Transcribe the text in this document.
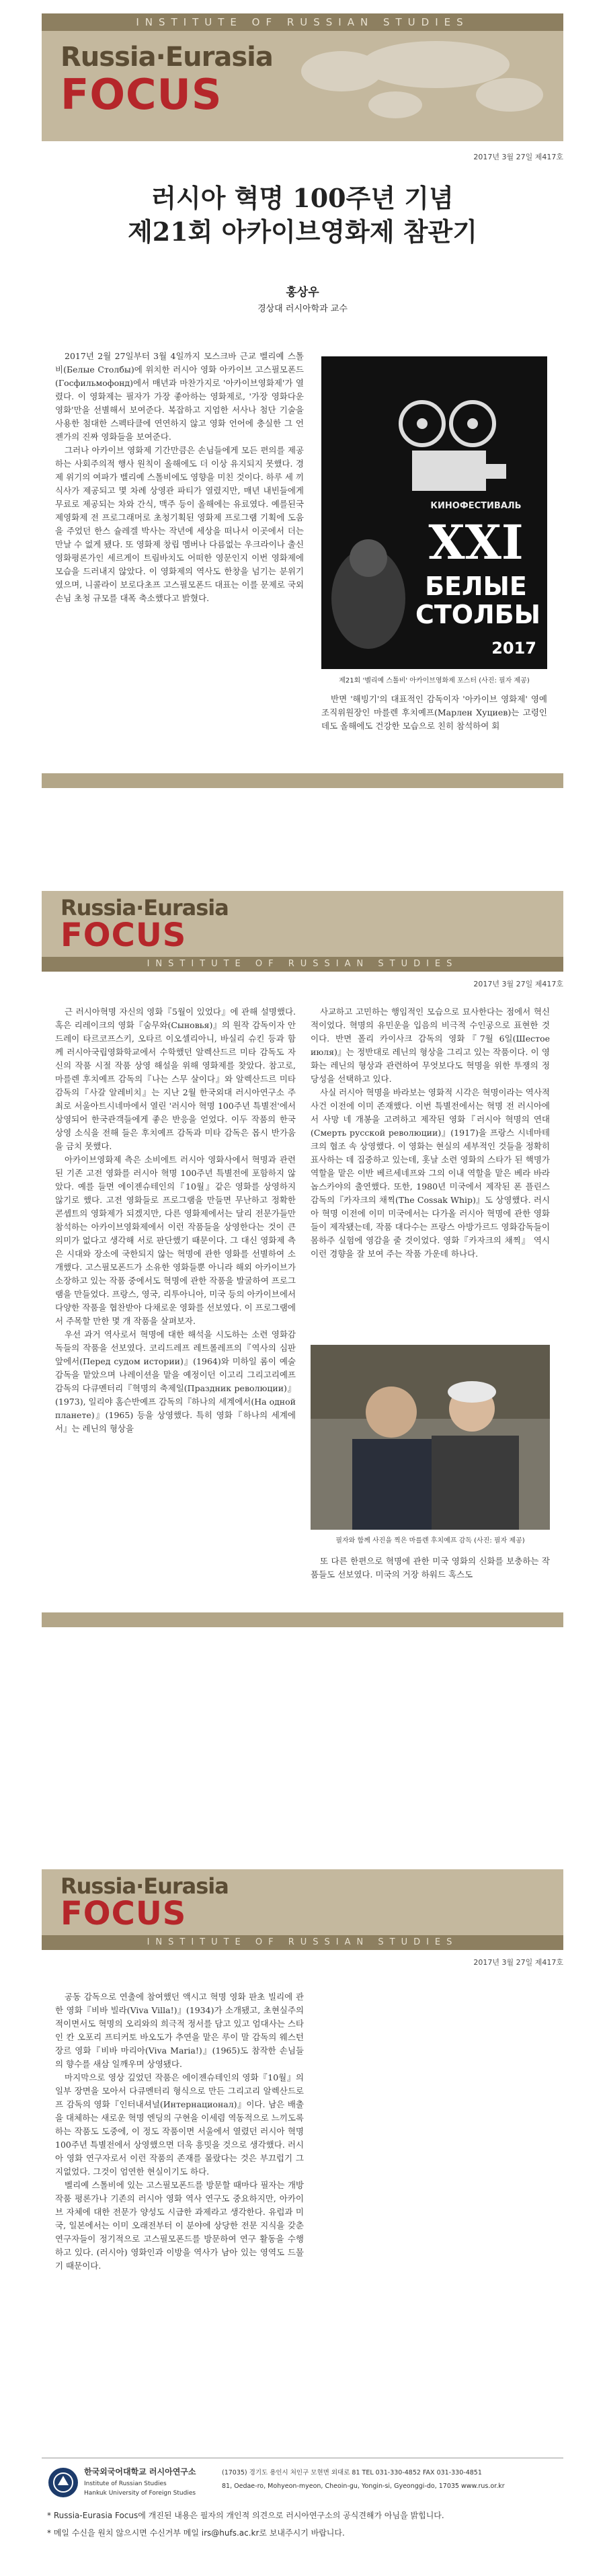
INSTITUTE OF RUSSIAN STUDIES
Russia·Eurasia
FOCUS
2017년 3월 27일 제417호
러시아 혁명 100주년 기념
제21회 아카이브영화제 참관기
홍상우
경상대 러시아학과 교수

2017년 2월 27일부터 3월 4일까지 모스크바 근교 벨리예 스톨비(Белые Столбы)에 위치한 러시아 영화 아카이브 고스필모폰드(Госфильмофонд)에서 매년과 마찬가지로 '아카이브영화제'가 열렸다. 이 영화제는 필자가 가장 좋아하는 영화제로, '가장 영화다운 영화'만을 선별해서 보여준다. 복잡하고 지엄한 서사나 첨단 기술을 사용한 첨대한 스펙타클에 연연하지 않고 영화 언어에 충실한 그 언젠가의 진짜 영화들을 보여준다.

그러나 아카이브 영화제 기간만큼은 손님들에게 모든 편의를 제공하는 사회주의적 행사 원칙이 올해에도 더 이상 유지되지 못했다. 경제 위기의 여파가 벨리예 스톨비에도 영향을 미친 것이다. 하루 세 끼 식사가 제공되고 몇 차례 상영관 파티가 열렸지만, 매년 내빈들에게 무료로 제공되는 차와 간식, 맥주 등이 올해에는 유료였다. 예를된국제영화제 전 프로그래머로 초청기획된 영화제 프로그램 기획에 도움을 주었던 한스 슐레겔 박사는 작년에 세상을 떠나서 이곳에서 더는 만날 수 없게 됐다. 또 영화제 창립 멤버나 다름없는 우크라이나 출신 영화평론가인 세르게이 트림바치도 어떠한 영문인지 이번 영화제에 모습을 드러내지 않았다. 이 영화제의 역사도 한창을 넘기는 분위기였으며, 니콜라이 보로다초프 고스필모폰드 대표는 이를 문제로 국외 손님 초청 규모를 대폭 축소했다고 밝혔다.

КИНОФЕСТИВАЛЬ
XXI
БЕЛЫЕ
СТОЛБЫ
2017
제21회 '벨리예 스톨비' 아카이브영화제 포스터 (사진: 필자 제공)

반면 '해빙기'의 대표적인 감독이자 '아카이브 영화제' 영예 조직위원장인 마를렌 후치예프(Марлен Хуциев)는 고령인데도 올해에도 건강한 모습으로 친히 참석하여 회

Russia·Eurasia
FOCUS
INSTITUTE OF RUSSIAN STUDIES
2017년 3월 27일 제417호

근 러시아혁명 자신의 영화『5월이 있었다』에 관해 설명했다. 혹은 리레이크의 영화『숨무와(Сыновья)』의 원작 감독이자 안드레이 타르코프스키, 오타르 이오셀리아니, 바실리 슈킨 등과 함께 러시아국립영화학교에서 수학했던 알렉산드르 미타 감독도 자신의 작품 시절 작품 상영 해설을 위해 영화제를 찾았다. 참고로, 마를렌 후치예프 감독의『나는 스무 살이다』와 알렉산드르 미타 감독의『사갈 알레비치』는 지난 2월 한국외대 러시아연구소 주최로 서울아트시네마에서 열린 '러시아 혁명 100주년 특별전'에서 상영되어 한국관객들에게 좋은 반응을 얻었다. 이두 작품의 한국 상영 소식을 전해 들은 후치예프 감독과 미타 감독은 몹시 반가움을 금치 못했다.

아카이브영화제 측은 소비에트 러시아 영화사에서 혁명과 관련된 기존 고전 영화를 러시아 혁명 100주년 특별전에 포함하지 않았다. 예를 들면 에이젠슈테인의『10월』같은 영화를 상영하지 않기로 했다. 고전 영화들로 프로그램을 만들면 무난하고 정확한 콘셉트의 영화제가 되겠지만, 다른 영화제에서는 달리 전문가들만 참석하는 아카이브영화제에서 이런 작품들을 상영한다는 것이 큰 의미가 없다고 생각해 서로 판단했기 때문이다. 그 대신 영화제 측은 시대와 장소에 국한되지 않는 혁명에 관한 영화를 선별하여 소개했다. 고스필모폰드가 소유한 영화들뿐 아니라 해외 아카이브가 소장하고 있는 작품 중에서도 혁명에 관한 작품을 발굴하여 프로그램을 만들었다. 프랑스, 영국, 리투아니아, 미국 등의 아카이브에서 다양한 작품을 협찬받아 다채로운 영화를 선보였다. 이 프로그램에서 주목할 만한 몇 개 작품을 살펴보자.

우선 과거 역사로서 혁명에 대한 해석을 시도하는 소련 영화감독들의 작품을 선보였다. 코리드레프 레트롤레프의『역사의 심판 앞에서(Перед судом истории)』(1964)와 미하일 롬이 예술감독을 맡았으며 나레이션을 맡을 예정이던 이고리 그리고리예프 감독의 다큐멘터리『혁명의 축제일(Праздник революции)』(1973), 일리야 홈슨반예프 감독의『하나의 세계에서(На одной планете)』(1965) 등을 상영했다. 특히 영화『하나의 세계에서』는 레닌의 형상을

사교하고 고민하는 행임적인 모습으로 묘사한다는 점에서 혁신적이었다. 혁명의 유민운을 입음의 비극적 수인공으로 표현한 것이다. 반면 폴리 카이사크 감독의 영화『7월 6일(Шестое июля)』는 정반대로 레닌의 형상을 그리고 있는 작품이다. 이 영화는 레닌의 형상과 관련하여 무엇보다도 혁명을 위한 투쟁의 정당성을 선택하고 있다.

사실 러시아 혁명을 바라보는 영화적 시각은 혁명이라는 역사적 사건 이전에 이미 존재했다. 이번 특별전에서는 혁명 전 러시아에서 사망 네 개봉을 고려하고 제작된 영화『러시아 혁명의 연대(Смерть русской революции)』(1917)을 프랑스 시네마테크의 협조 속 상영했다. 이 영화는 현실의 세부적인 것들을 정확히 표사하는 데 집중하고 있는데, 홋날 소련 영화의 스타가 된 핵명가 역할을 맡은 이반 베르세네프와 그의 이내 역할을 맡은 베라 바라놉스카야의 출연했다. 또한, 1980년 미국에서 제작된 폰 플린스 감독의『카자크의 채찍(The Cossak Whip)』도 상영했다. 러시아 혁명 이전에 이미 미국에서는 다가올 러시아 혁명에 관한 영화들이 제작됐는데, 작품 대다수는 프랑스 아방가르드 영화감독들이 몸하주 실험에 영감을 줄 것이었다. 영화『카자크의 채찍』 역시 이런 경향을 잘 보여 주는 작품 가운데 하나다.

필자와 함께 사진을 찍은 마를렌 후치예프 감독 (사진: 필자 제공)

또 다른 한편으로 혁명에 관한 미국 영화의 신화를 보충하는 작품들도 선보였다. 미국의 거장 하워드 혹스도

Russia·Eurasia
FOCUS
INSTITUTE OF RUSSIAN STUDIES
2017년 3월 27일 제417호

공동 감독으로 연출에 참여했던 액시고 혁명 영화 판초 빌리에 관한 영화『비바 빌라(Viva Villa!)』(1934)가 소개됐고, 초현실주의적이면서도 혁명의 오리와의 희극적 정서를 담고 있고 엄대사는 스타인 칸 오포리 프티커토 바오도가 추연을 맡은 루이 말 감독의 웨스턴 장르 영화『비바 마리아(Viva Maria!)』(1965)도 참작한 손님들의 향수를 새삼 일깨우며 상영됐다.

마지막으로 영상 깊었던 작품은 에이젠슈테인의 영화『10월』의 일부 장면을 모아서 다큐멘터리 형식으로 만든 그리고리 알렉산드로프 감독의 영화『인터내셔널(Интернационал)』이다. 남은 배출을 대체하는 새로운 혁명 엔딩의 구현을 이세렴 역동적으로 느끼도록 하는 작품도 도중에, 이 정도 작품이면 서울에서 열렸던 러시아 혁명 100주년 특별전에서 상영했으면 더욱 흥밋을 것으로 생각했다. 러시아 영화 연구자로서 이런 작품의 존재를 몰랐다는 것은 부끄럽기 그지없었다. 그것이 엄연한 현실이기도 하다.

벨리예 스톨비에 있는 고스필모폰드를 방문할 때마다 필자는 개방 작품 평론가나 기존의 러시아 영화 역사 연구도 중요하지만, 아카이브 자체에 대한 전문가 양성도 시급한 과제라고 생각한다. 유럽과 미국, 일본에서는 이미 오래전부터 이 분야에 상당한 전문 지식을 갖춘 연구자들이 정기적으로 고스필모폰드를 방문하여 연구 활동을 수행하고 있다. (러시아) 영화인과 이방을 역사가 남아 있는 영역도 드물기 때문이다.

한국외국어대학교 러시아연구소
Institute of Russian Studies
Hankuk University of Foreign Studies
(17035) 경기도 용인시 처인구 모현면 외대로 81 TEL 031-330-4852 FAX 031-330-4851
81, Oedae-ro, Mohyeon-myeon, Cheoin-gu, Yongin-si, Gyeonggi-do, 17035 www.rus.or.kr
* Russia-Eurasia Focus에 개진된 내용은 필자의 개인적 의견으로 러시아연구소의 공식견해가 아님을 밝힙니다.
* 메일 수신을 원치 않으시면 수신거부 메일 irs@hufs.ac.kr로 보내주시기 바랍니다.
